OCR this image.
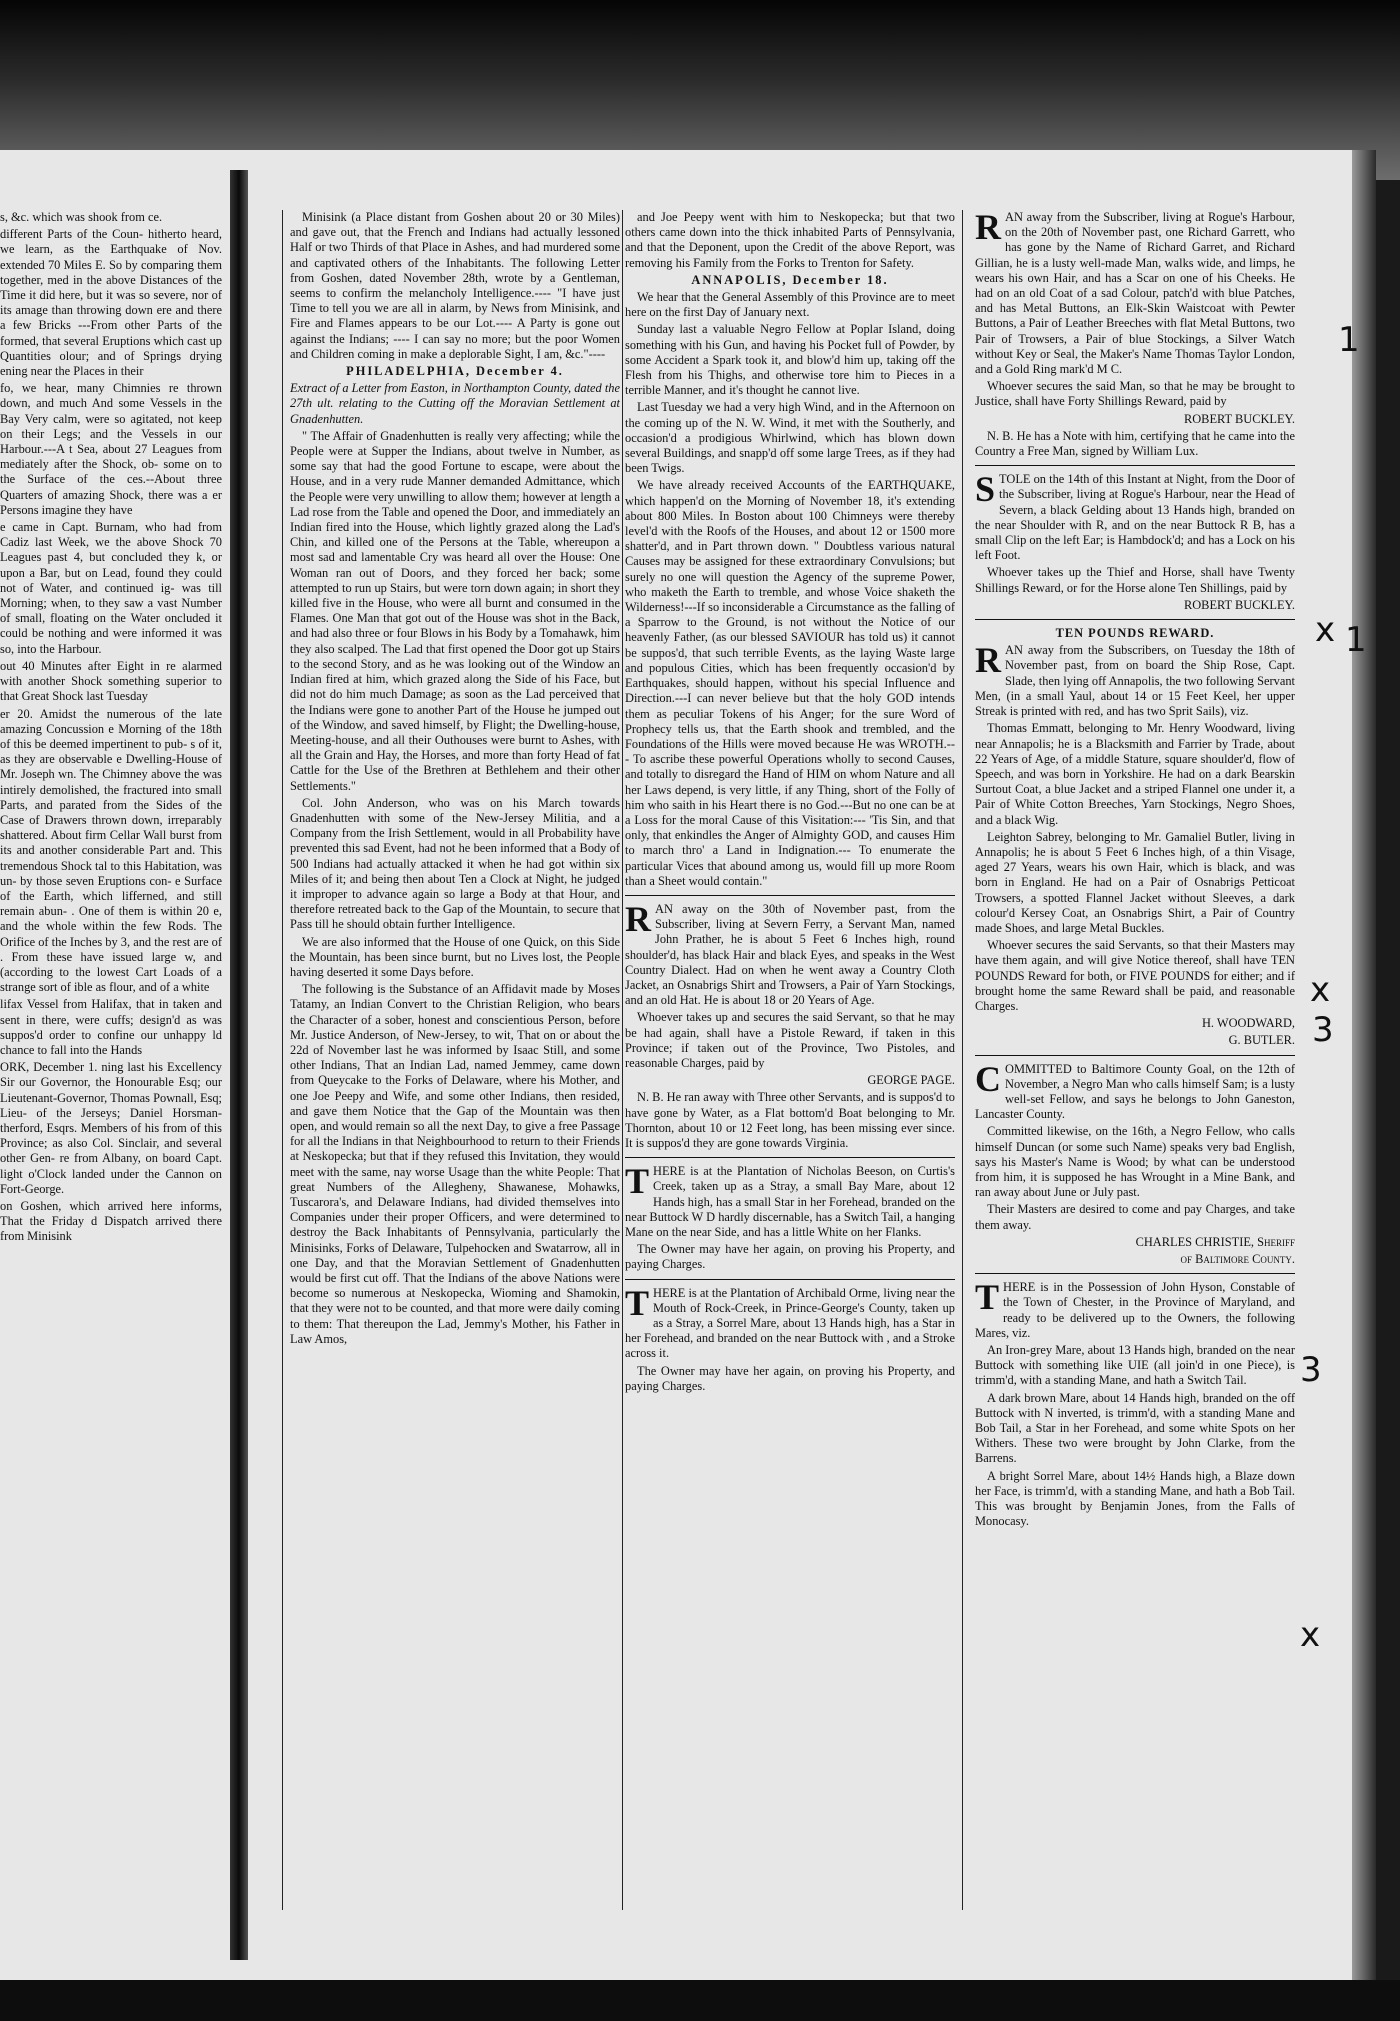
s, &c. which was shook from ce.

different Parts of the Coun- hitherto heard, we learn, as the Earthquake of Nov. extended 70 Miles E. So by comparing them together, med in the above Distances of the Time it did here, but it was so severe, nor of its amage than throwing down ere and there a few Bricks ---From other Parts of the formed, that several Eruptions which cast up Quantities olour; and of Springs drying ening near the Places in their

fo, we hear, many Chimnies re thrown down, and much And some Vessels in the Bay Very calm, were so agitated, not keep on their Legs; and the Vessels in our Harbour.---A t Sea, about 27 Leagues from mediately after the Shock, ob- some on to the Surface of the ces.--About three Quarters of amazing Shock, there was a er Persons imagine they have

e came in Capt. Burnam, who had from Cadiz last Week, we the above Shock 70 Leagues past 4, but concluded they k, or upon a Bar, but on Lead, found they could not of Water, and continued ig- was till Morning; when, to they saw a vast Number of small, floating on the Water oncluded it could be nothing and were informed it was so, into the Harbour.

out 40 Minutes after Eight in re alarmed with another Shock something superior to that Great Shock last Tuesday

er 20. Amidst the numerous of the late amazing Concussion e Morning of the 18th of this be deemed impertinent to pub- s of it, as they are observable e Dwelling-House of Mr. Joseph wn. The Chimney above the was intirely demolished, the fractured into small Parts, and parated from the Sides of the Case of Drawers thrown down, irreparably shattered. About firm Cellar Wall burst from its and another considerable Part and. This tremendous Shock tal to this Habitation, was un- by those seven Eruptions con- e Surface of the Earth, which lifferned, and still remain abun- . One of them is within 20 e, and the whole within the few Rods. The Orifice of the Inches by 3, and the rest are of . From these have issued large w, and (according to the lowest Cart Loads of a strange sort of ible as flour, and of a white

lifax Vessel from Halifax, that in taken and sent in there, were cuffs; design'd as was suppos'd order to confine our unhappy ld chance to fall into the Hands

ORK, December 1. ning last his Excellency Sir our Governor, the Honourable Esq; our Lieutenant-Governor, Thomas Pownall, Esq; Lieu- of the Jerseys; Daniel Horsman- therford, Esqrs. Members of his from of this Province; as also Col. Sinclair, and several other Gen- re from Albany, on board Capt. light o'Clock landed under the Cannon on Fort-George.

on Goshen, which arrived here informs, That the Friday d Dispatch arrived there from Minisink

Minisink (a Place distant from Goshen about 20 or 30 Miles) and gave out, that the French and Indians had actually lessoned Half or two Thirds of that Place in Ashes, and had murdered some and captivated others of the Inhabitants. The following Letter from Goshen, dated November 28th, wrote by a Gentleman, seems to confirm the melancholy Intelligence.---- "I have just Time to tell you we are all in alarm, by News from Minisink, and Fire and Flames appears to be our Lot.---- A Party is gone out against the Indians; ---- I can say no more; but the poor Women and Children coming in make a deplorable Sight, I am, &c."----

PHILADELPHIA, December 4.

Extract of a Letter from Easton, in Northampton County, dated the 27th ult. relating to the Cutting off the Moravian Settlement at Gnadenhutten.

" The Affair of Gnadenhutten is really very affecting; while the People were at Supper the Indians, about twelve in Number, as some say that had the good Fortune to escape, were about the House, and in a very rude Manner demanded Admittance, which the People were very unwilling to allow them; however at length a Lad rose from the Table and opened the Door, and immediately an Indian fired into the House, which lightly grazed along the Lad's Chin, and killed one of the Persons at the Table, whereupon a most sad and lamentable Cry was heard all over the House: One Woman ran out of Doors, and they forced her back; some attempted to run up Stairs, but were torn down again; in short they killed five in the House, who were all burnt and consumed in the Flames. One Man that got out of the House was shot in the Back, and had also three or four Blows in his Body by a Tomahawk, him they also scalped. The Lad that first opened the Door got up Stairs to the second Story, and as he was looking out of the Window an Indian fired at him, which grazed along the Side of his Face, but did not do him much Damage; as soon as the Lad perceived that the Indians were gone to another Part of the House he jumped out of the Window, and saved himself, by Flight; the Dwelling-house, Meeting-house, and all their Outhouses were burnt to Ashes, with all the Grain and Hay, the Horses, and more than forty Head of fat Cattle for the Use of the Brethren at Bethlehem and their other Settlements."

Col. John Anderson, who was on his March towards Gnadenhutten with some of the New-Jersey Militia, and a Company from the Irish Settlement, would in all Probability have prevented this sad Event, had not he been informed that a Body of 500 Indians had actually attacked it when he had got within six Miles of it; and being then about Ten a Clock at Night, he judged it improper to advance again so large a Body at that Hour, and therefore retreated back to the Gap of the Mountain, to secure that Pass till he should obtain further Intelligence.

We are also informed that the House of one Quick, on this Side the Mountain, has been since burnt, but no Lives lost, the People having deserted it some Days before.

The following is the Substance of an Affidavit made by Moses Tatamy, an Indian Convert to the Christian Religion, who bears the Character of a sober, honest and conscientious Person, before Mr. Justice Anderson, of New-Jersey, to wit, That on or about the 22d of November last he was informed by Isaac Still, and some other Indians, That an Indian Lad, named Jemmey, came down from Queycake to the Forks of Delaware, where his Mother, and one Joe Peepy and Wife, and some other Indians, then resided, and gave them Notice that the Gap of the Mountain was then open, and would remain so all the next Day, to give a free Passage for all the Indians in that Neighbourhood to return to their Friends at Neskopecka; but that if they refused this Invitation, they would meet with the same, nay worse Usage than the white People: That great Numbers of the Allegheny, Shawanese, Mohawks, Tuscarora's, and Delaware Indians, had divided themselves into Companies under their proper Officers, and were determined to destroy the Back Inhabitants of Pennsylvania, particularly the Minisinks, Forks of Delaware, Tulpehocken and Swatarrow, all in one Day, and that the Moravian Settlement of Gnadenhutten would be first cut off. That the Indians of the above Nations were become so numerous at Neskopecka, Wioming and Shamokin, that they were not to be counted, and that more were daily coming to them: That thereupon the Lad, Jemmy's Mother, his Father in Law Amos,

and Joe Peepy went with him to Neskopecka; but that two others came down into the thick inhabited Parts of Pennsylvania, and that the Deponent, upon the Credit of the above Report, was removing his Family from the Forks to Trenton for Safety.

ANNAPOLIS, December 18.

We hear that the General Assembly of this Province are to meet here on the first Day of January next.

Sunday last a valuable Negro Fellow at Poplar Island, doing something with his Gun, and having his Pocket full of Powder, by some Accident a Spark took it, and blow'd him up, taking off the Flesh from his Thighs, and otherwise tore him to Pieces in a terrible Manner, and it's thought he cannot live.

Last Tuesday we had a very high Wind, and in the Afternoon on the coming up of the N. W. Wind, it met with the Southerly, and occasion'd a prodigious Whirlwind, which has blown down several Buildings, and snapp'd off some large Trees, as if they had been Twigs.

We have already received Accounts of the EARTHQUAKE, which happen'd on the Morning of November 18, it's extending about 800 Miles. In Boston about 100 Chimneys were thereby level'd with the Roofs of the Houses, and about 12 or 1500 more shatter'd, and in Part thrown down. " Doubtless various natural Causes may be assigned for these extraordinary Convulsions; but surely no one will question the Agency of the supreme Power, who maketh the Earth to tremble, and whose Voice shaketh the Wilderness!---If so inconsiderable a Circumstance as the falling of a Sparrow to the Ground, is not without the Notice of our heavenly Father, (as our blessed SAVIOUR has told us) it cannot be suppos'd, that such terrible Events, as the laying Waste large and populous Cities, which has been frequently occasion'd by Earthquakes, should happen, without his special Influence and Direction.---I can never believe but that the holy GOD intends them as peculiar Tokens of his Anger; for the sure Word of Prophecy tells us, that the Earth shook and trembled, and the Foundations of the Hills were moved because He was WROTH.--- To ascribe these powerful Operations wholly to second Causes, and totally to disregard the Hand of HIM on whom Nature and all her Laws depend, is very little, if any Thing, short of the Folly of him who saith in his Heart there is no God.---But no one can be at a Loss for the moral Cause of this Visitation:--- 'Tis Sin, and that only, that enkindles the Anger of Almighty GOD, and causes Him to march thro' a Land in Indignation.--- To enumerate the particular Vices that abound among us, would fill up more Room than a Sheet would contain."

RAN away on the 30th of November past, from the Subscriber, living at Severn Ferry, a Servant Man, named John Prather, he is about 5 Feet 6 Inches high, round shoulder'd, has black Hair and black Eyes, and speaks in the West Country Dialect. Had on when he went away a Country Cloth Jacket, an Osnabrigs Shirt and Trowsers, a Pair of Yarn Stockings, and an old Hat. He is about 18 or 20 Years of Age.

Whoever takes up and secures the said Servant, so that he may be had again, shall have a Pistole Reward, if taken in this Province; if taken out of the Province, Two Pistoles, and reasonable Charges, paid by

GEORGE PAGE.

N. B. He ran away with Three other Servants, and is suppos'd to have gone by Water, as a Flat bottom'd Boat belonging to Mr. Thornton, about 10 or 12 Feet long, has been missing ever since. It is suppos'd they are gone towards Virginia.

THERE is at the Plantation of Nicholas Beeson, on Curtis's Creek, taken up as a Stray, a small Bay Mare, about 12 Hands high, has a small Star in her Forehead, branded on the near Buttock W D hardly discernable, has a Switch Tail, a hanging Mane on the near Side, and has a little White on her Flanks.

The Owner may have her again, on proving his Property, and paying Charges.

THERE is at the Plantation of Archibald Orme, living near the Mouth of Rock-Creek, in Prince-George's County, taken up as a Stray, a Sorrel Mare, about 13 Hands high, has a Star in her Forehead, and branded on the near Buttock with , and a Stroke across it.

The Owner may have her again, on proving his Property, and paying Charges.

RAN away from the Subscriber, living at Rogue's Harbour, on the 20th of November past, one Richard Garrett, who has gone by the Name of Richard Garret, and Richard Gillian, he is a lusty well-made Man, walks wide, and limps, he wears his own Hair, and has a Scar on one of his Cheeks. He had on an old Coat of a sad Colour, patch'd with blue Patches, and has Metal Buttons, an Elk-Skin Waistcoat with Pewter Buttons, a Pair of Leather Breeches with flat Metal Buttons, two Pair of Trowsers, a Pair of blue Stockings, a Silver Watch without Key or Seal, the Maker's Name Thomas Taylor London, and a Gold Ring mark'd M C.

Whoever secures the said Man, so that he may be brought to Justice, shall have Forty Shillings Reward, paid by

ROBERT BUCKLEY.

N. B. He has a Note with him, certifying that he came into the Country a Free Man, signed by William Lux.

STOLE on the 14th of this Instant at Night, from the Door of the Subscriber, living at Rogue's Harbour, near the Head of Severn, a black Gelding about 13 Hands high, branded on the near Shoulder with R, and on the near Buttock R B, has a small Clip on the left Ear; is Hambdock'd; and has a Lock on his left Foot.

Whoever takes up the Thief and Horse, shall have Twenty Shillings Reward, or for the Horse alone Ten Shillings, paid by

ROBERT BUCKLEY.

TEN POUNDS REWARD.

RAN away from the Subscribers, on Tuesday the 18th of November past, from on board the Ship Rose, Capt. Slade, then lying off Annapolis, the two following Servant Men, (in a small Yaul, about 14 or 15 Feet Keel, her upper Streak is printed with red, and has two Sprit Sails), viz.

Thomas Emmatt, belonging to Mr. Henry Woodward, living near Annapolis; he is a Blacksmith and Farrier by Trade, about 22 Years of Age, of a middle Stature, square shoulder'd, flow of Speech, and was born in Yorkshire. He had on a dark Bearskin Surtout Coat, a blue Jacket and a striped Flannel one under it, a Pair of White Cotton Breeches, Yarn Stockings, Negro Shoes, and a black Wig.

Leighton Sabrey, belonging to Mr. Gamaliel Butler, living in Annapolis; he is about 5 Feet 6 Inches high, of a thin Visage, aged 27 Years, wears his own Hair, which is black, and was born in England. He had on a Pair of Osnabrigs Petticoat Trowsers, a spotted Flannel Jacket without Sleeves, a dark colour'd Kersey Coat, an Osnabrigs Shirt, a Pair of Country made Shoes, and large Metal Buckles.

Whoever secures the said Servants, so that their Masters may have them again, and will give Notice thereof, shall have TEN POUNDS Reward for both, or FIVE POUNDS for either; and if brought home the same Reward shall be paid, and reasonable Charges.

H. WOODWARD,

G. BUTLER.

COMMITTED to Baltimore County Goal, on the 12th of November, a Negro Man who calls himself Sam; is a lusty well-set Fellow, and says he belongs to John Ganeston, Lancaster County.

Committed likewise, on the 16th, a Negro Fellow, who calls himself Duncan (or some such Name) speaks very bad English, says his Master's Name is Wood; by what can be understood from him, it is supposed he has Wrought in a Mine Bank, and ran away about June or July past.

Their Masters are desired to come and pay Charges, and take them away.

CHARLES CHRISTIE, Sheriff

of Baltimore County.

THERE is in the Possession of John Hyson, Constable of the Town of Chester, in the Province of Maryland, and ready to be delivered up to the Owners, the following Mares, viz.

An Iron-grey Mare, about 13 Hands high, branded on the near Buttock with something like UIE (all join'd in one Piece), is trimm'd, with a standing Mane, and hath a Switch Tail.

A dark brown Mare, about 14 Hands high, branded on the off Buttock with N inverted, is trimm'd, with a standing Mane and Bob Tail, a Star in her Forehead, and some white Spots on her Withers. These two were brought by John Clarke, from the Barrens.

A bright Sorrel Mare, about 14½ Hands high, a Blaze down her Face, is trimm'd, with a standing Mane, and hath a Bob Tail. This was brought by Benjamin Jones, from the Falls of Monocasy.

1
x 1
x
3
3
x
